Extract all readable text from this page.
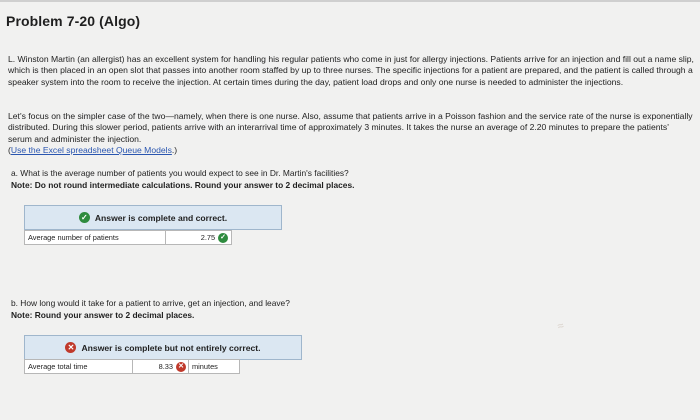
Problem 7-20 (Algo)
L. Winston Martin (an allergist) has an excellent system for handling his regular patients who come in just for allergy injections. Patients arrive for an injection and fill out a name slip, which is then placed in an open slot that passes into another room staffed by up to three nurses. The specific injections for a patient are prepared, and the patient is called through a speaker system into the room to receive the injection. At certain times during the day, patient load drops and only one nurse is needed to administer the injections.
Let's focus on the simpler case of the two—namely, when there is one nurse. Also, assume that patients arrive in a Poisson fashion and the service rate of the nurse is exponentially distributed. During this slower period, patients arrive with an interarrival time of approximately 3 minutes. It takes the nurse an average of 2.20 minutes to prepare the patients' serum and administer the injection.
(Use the Excel spreadsheet Queue Models.)
a. What is the average number of patients you would expect to see in Dr. Martin's facilities?
Note: Do not round intermediate calculations. Round your answer to 2 decimal places.
✓ Answer is complete and correct.
Average number of patients	2.75 ✓
b. How long would it take for a patient to arrive, get an injection, and leave?
Note: Round your answer to 2 decimal places.
✕ Answer is complete but not entirely correct.
Average total time	8.33 ✕	minutes
≈
